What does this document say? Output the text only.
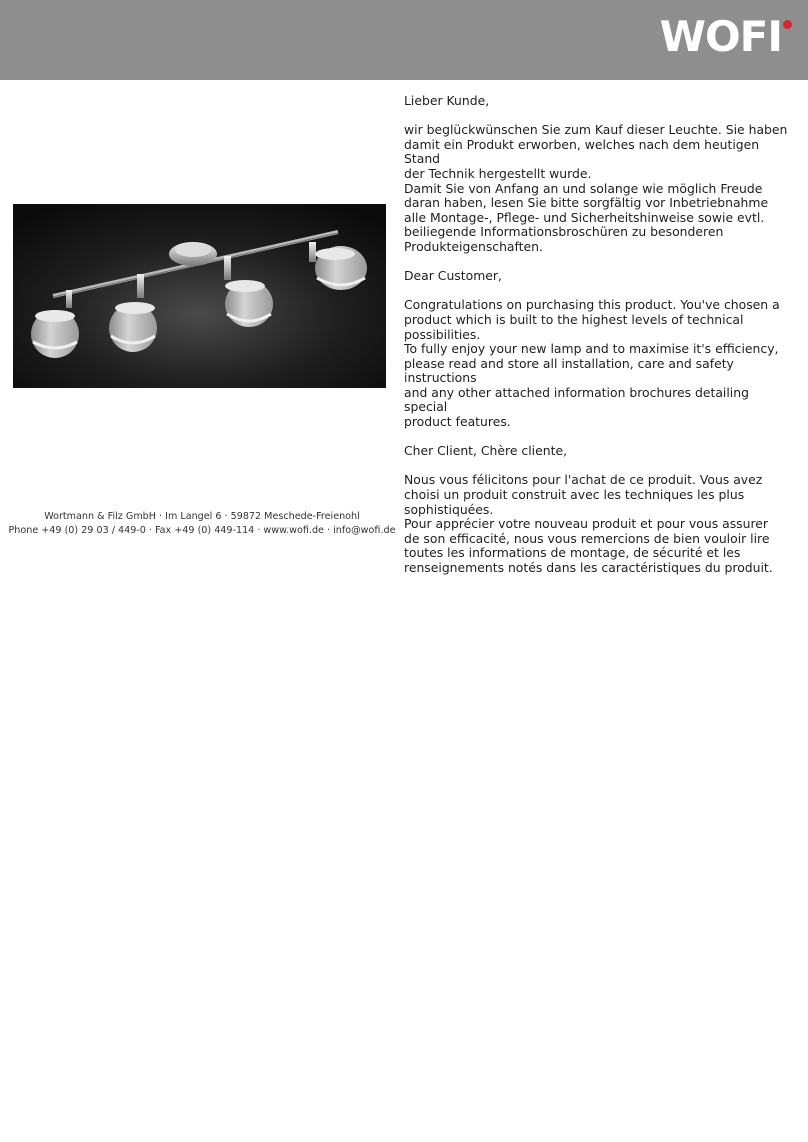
WOFI
Wortmann & Filz GmbH · Im Langel 6 · 59872 Meschede-Freienohl
Phone +49 (0) 29 03 / 449-0 · Fax +49 (0) 449-114 · www.wofi.de · info@wofi.de

Lieber Kunde,

wir beglückwünschen Sie zum Kauf dieser Leuchte. Sie haben
damit ein Produkt erworben, welches nach dem heutigen Stand
der Technik hergestellt wurde.
Damit Sie von Anfang an und solange wie möglich Freude
daran haben, lesen Sie bitte sorgfältig vor Inbetriebnahme
alle Montage-, Pflege- und Sicherheitshinweise sowie evtl.
beiliegende Informationsbroschüren zu besonderen
Produkteigenschaften.

Dear Customer,

Congratulations on purchasing this product. You've chosen a
product which is built to the highest levels of technical
possibilities.
To fully enjoy your new lamp and to maximise it's efficiency,
please read and store all installation, care and safety instructions
and any other attached information brochures detailing special
product features.

Cher Client, Chère cliente,

Nous vous félicitons pour l'achat de ce produit. Vous avez
choisi un produit construit avec les techniques les plus
sophistiquées.
Pour apprécier votre nouveau produit et pour vous assurer
de son efficacité, nous vous remercions de bien vouloir lire
toutes les informations de montage, de sécurité et les
renseignements notés dans les caractéristiques du produit.
